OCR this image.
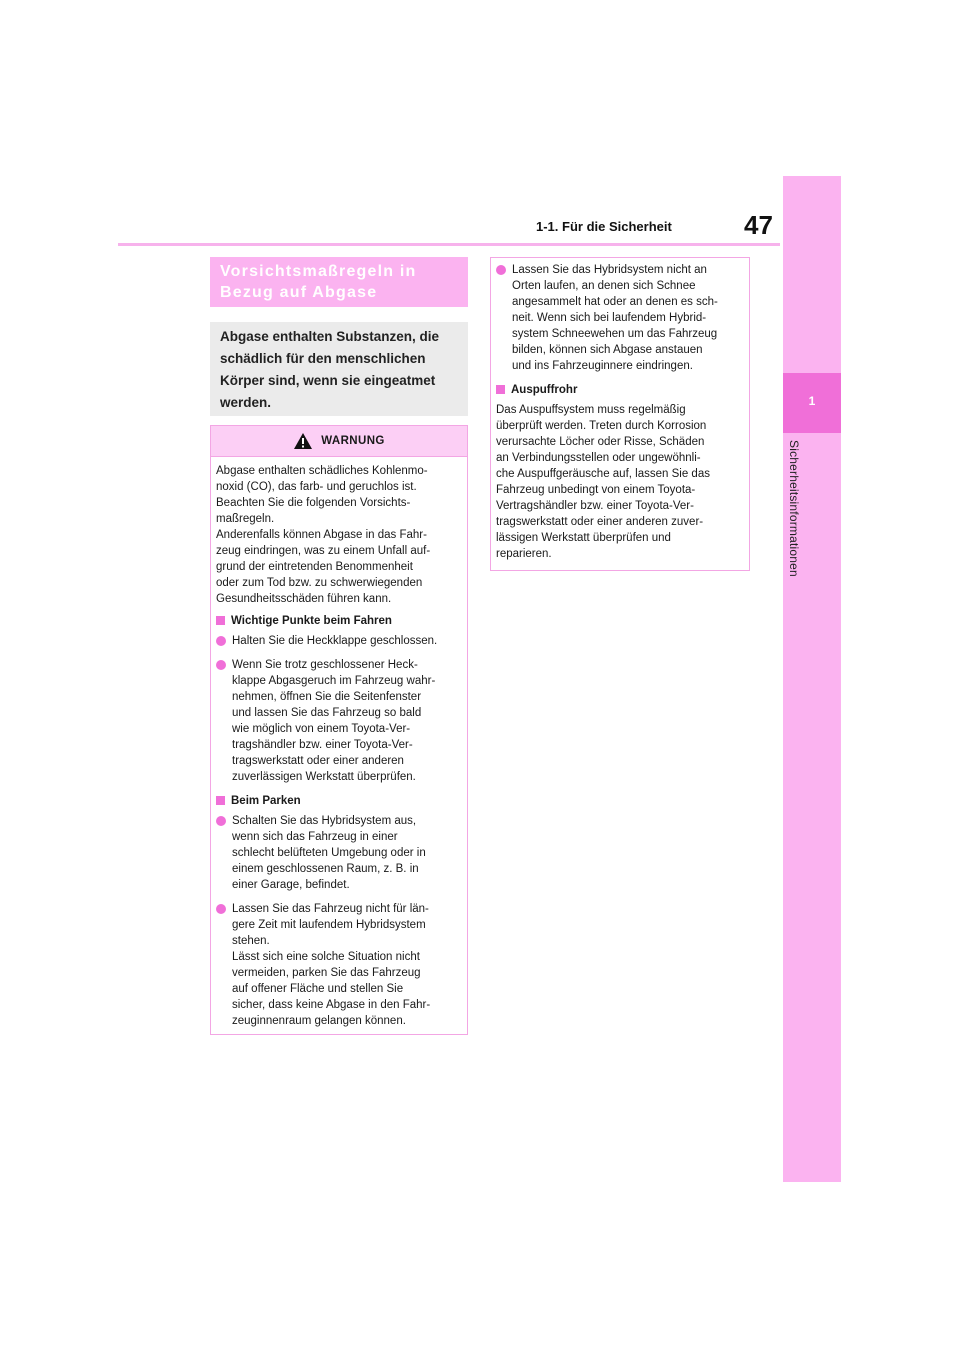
47
1-1. Für die Sicherheit
1
Sicherheitsinformationen
Vorsichtsmaßregeln in
Bezug auf Abgase
Abgase enthalten Substanzen, die
schädlich für den menschlichen
Körper sind, wenn sie eingeatmet
werden.
WARNUNG
Abgase enthalten schädliches Kohlenmo-
noxid (CO), das farb- und geruchlos ist.
Beachten Sie die folgenden Vorsichts-
maßregeln.
Anderenfalls können Abgase in das Fahr-
zeug eindringen, was zu einem Unfall auf-
grund der eintretenden Benommenheit
oder zum Tod bzw. zu schwerwiegenden
Gesundheitsschäden führen kann.
Wichtige Punkte beim Fahren
Halten Sie die Heckklappe geschlossen.
Wenn Sie trotz geschlossener Heck-
klappe Abgasgeruch im Fahrzeug wahr-
nehmen, öffnen Sie die Seitenfenster
und lassen Sie das Fahrzeug so bald
wie möglich von einem Toyota-Ver-
tragshändler bzw. einer Toyota-Ver-
tragswerkstatt oder einer anderen
zuverlässigen Werkstatt überprüfen.
Beim Parken
Schalten Sie das Hybridsystem aus,
wenn sich das Fahrzeug in einer
schlecht belüfteten Umgebung oder in
einem geschlossenen Raum, z. B. in
einer Garage, befindet.
Lassen Sie das Fahrzeug nicht für län-
gere Zeit mit laufendem Hybridsystem
stehen.
Lässt sich eine solche Situation nicht
vermeiden, parken Sie das Fahrzeug
auf offener Fläche und stellen Sie
sicher, dass keine Abgase in den Fahr-
zeuginnenraum gelangen können.
Lassen Sie das Hybridsystem nicht an
Orten laufen, an denen sich Schnee
angesammelt hat oder an denen es sch-
neit. Wenn sich bei laufendem Hybrid-
system Schneewehen um das Fahrzeug
bilden, können sich Abgase anstauen
und ins Fahrzeuginnere eindringen.
Auspuffrohr
Das Auspuffsystem muss regelmäßig
überprüft werden. Treten durch Korrosion
verursachte Löcher oder Risse, Schäden
an Verbindungsstellen oder ungewöhnli-
che Auspuffgeräusche auf, lassen Sie das
Fahrzeug unbedingt von einem Toyota-
Vertragshändler bzw. einer Toyota-Ver-
tragswerkstatt oder einer anderen zuver-
lässigen Werkstatt überprüfen und
reparieren.
